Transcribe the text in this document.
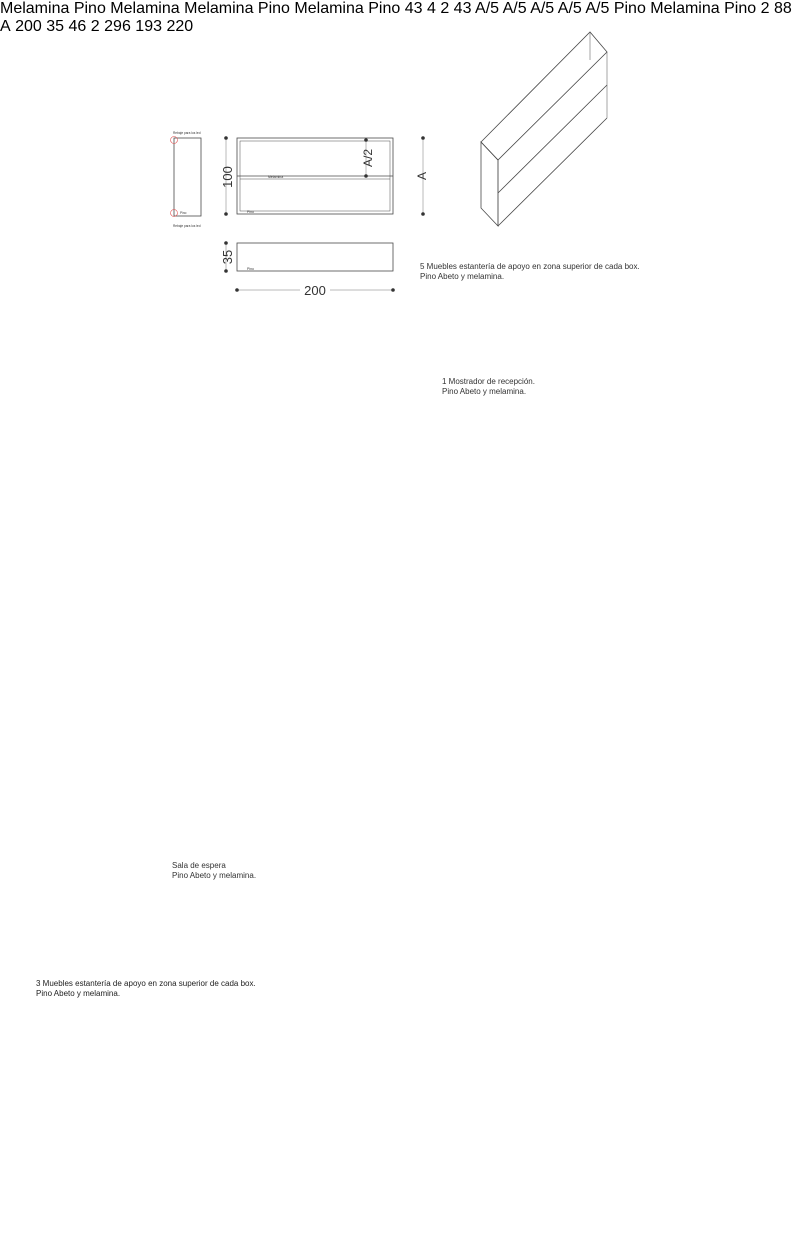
Rebaje para los led
Rebaje para los led
Pino
Melamina
Pino
100
A/2
A
Pino
35
200
Melamina Pino Melamina Melamina Pino Melamina Pino 43 4 2 43 A/5 A/5 A/5 A/5 A/5 Pino Melamina Pino 2 88 A 200 35 46 2 296 193 220
5 Muebles estantería de apoyo en zona superior de cada box.
Pino Abeto y melamina.
1 Mostrador de recepción.
Pino Abeto y melamina.
Sala de espera
Pino Abeto y melamina.
3 Muebles estantería de apoyo en zona superior de cada box.
Pino Abeto y melamina.
